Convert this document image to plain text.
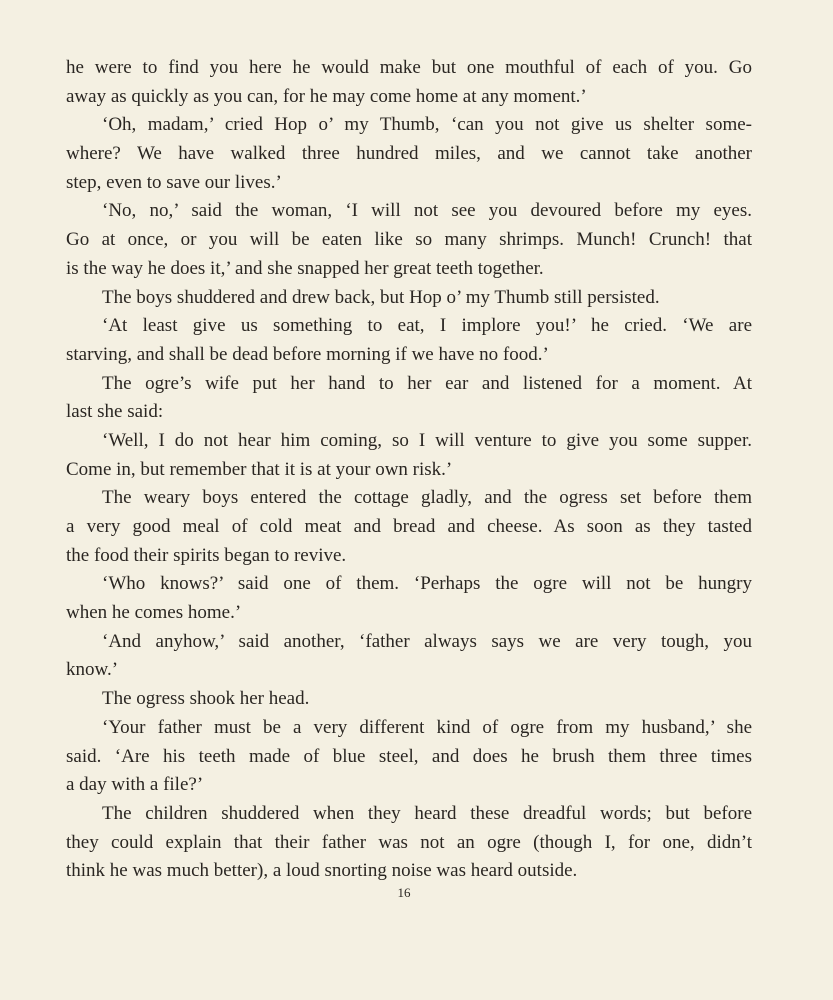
he were to find you here he would make but one mouthful of each of you. Go
away as quickly as you can, for he may come home at any moment.’
‘Oh, madam,’ cried Hop o’ my Thumb, ‘can you not give us shelter some-
where? We have walked three hundred miles, and we cannot take another
step, even to save our lives.’
‘No, no,’ said the woman, ‘I will not see you devoured before my eyes.
Go at once, or you will be eaten like so many shrimps. Munch! Crunch! that
is the way he does it,’ and she snapped her great teeth together.
The boys shuddered and drew back, but Hop o’ my Thumb still persisted.
‘At least give us something to eat, I implore you!’ he cried. ‘We are
starving, and shall be dead before morning if we have no food.’
The ogre’s wife put her hand to her ear and listened for a moment. At
last she said:
‘Well, I do not hear him coming, so I will venture to give you some supper.
Come in, but remember that it is at your own risk.’
The weary boys entered the cottage gladly, and the ogress set before them
a very good meal of cold meat and bread and cheese. As soon as they tasted
the food their spirits began to revive.
‘Who knows?’ said one of them. ‘Perhaps the ogre will not be hungry
when he comes home.’
‘And anyhow,’ said another, ‘father always says we are very tough, you
know.’
The ogress shook her head.
‘Your father must be a very different kind of ogre from my husband,’ she
said. ‘Are his teeth made of blue steel, and does he brush them three times
a day with a file?’
The children shuddered when they heard these dreadful words; but before
they could explain that their father was not an ogre (though I, for one, didn’t
think he was much better), a loud snorting noise was heard outside.
16
